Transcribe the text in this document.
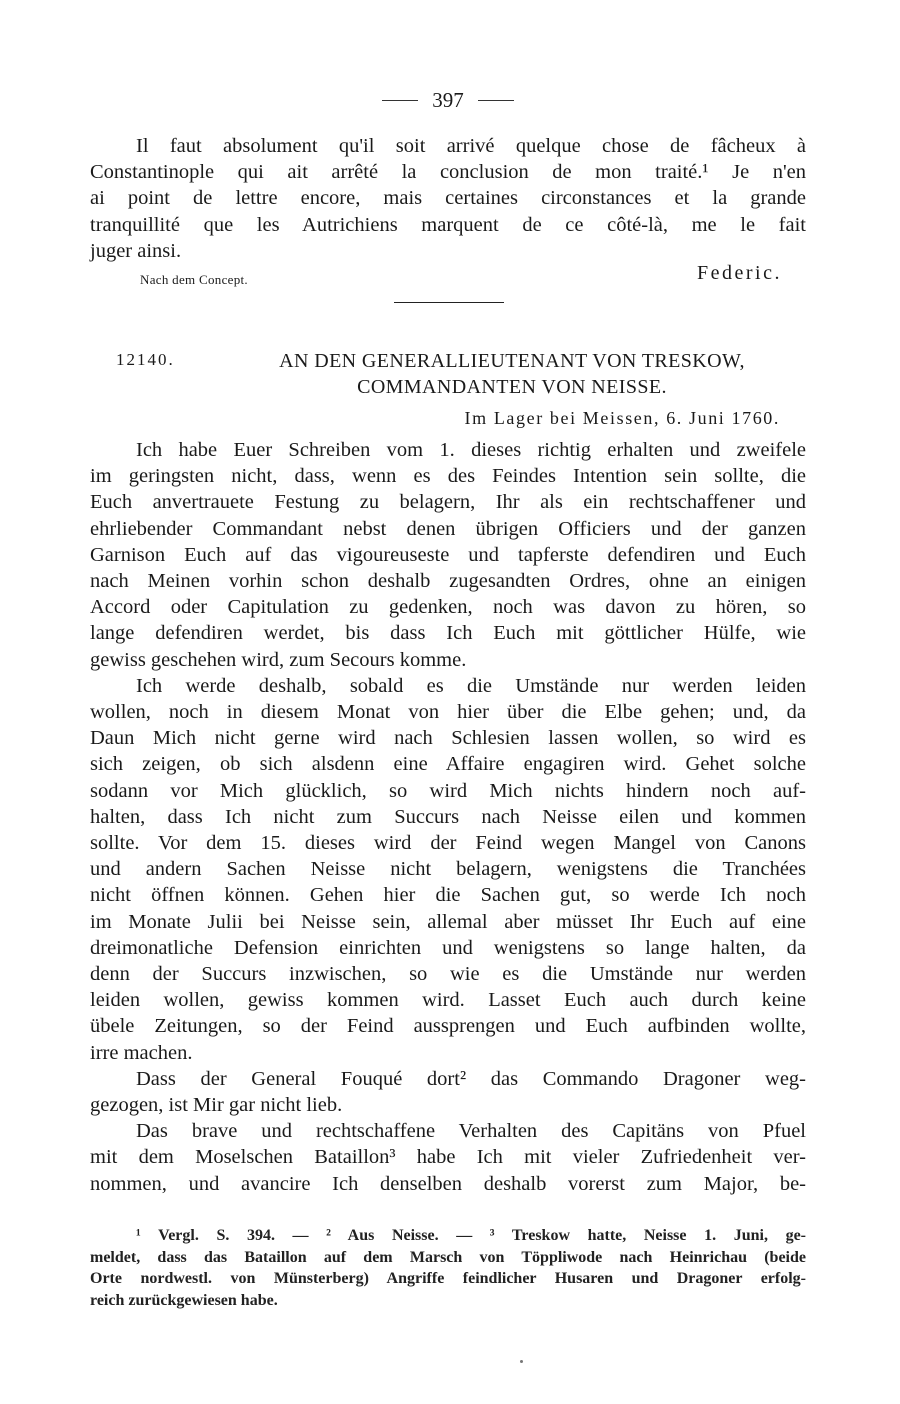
397
Il faut absolument qu'il soit arrivé quelque chose de fâcheux à
Constantinople qui ait arrêté la conclusion de mon traité.¹ Je n'en
ai point de lettre encore, mais certaines circonstances et la grande
tranquillité que les Autrichiens marquent de ce côté-là, me le fait
juger ainsi.
Nach dem Concept.	Federic.
12140.	AN DEN GENERALLIEUTENANT VON TRESKOW,
COMMANDANTEN VON NEISSE.
Im Lager bei Meissen, 6. Juni 1760.
Ich habe Euer Schreiben vom 1. dieses richtig erhalten und zweifele
im geringsten nicht, dass, wenn es des Feindes Intention sein sollte, die
Euch anvertrauete Festung zu belagern, Ihr als ein rechtschaffener und
ehrliebender Commandant nebst denen übrigen Officiers und der ganzen
Garnison Euch auf das vigoureuseste und tapferste defendiren und Euch
nach Meinen vorhin schon deshalb zugesandten Ordres, ohne an einigen
Accord oder Capitulation zu gedenken, noch was davon zu hören, so
lange defendiren werdet, bis dass Ich Euch mit göttlicher Hülfe, wie
gewiss geschehen wird, zum Secours komme.
Ich werde deshalb, sobald es die Umstände nur werden leiden
wollen, noch in diesem Monat von hier über die Elbe gehen; und, da
Daun Mich nicht gerne wird nach Schlesien lassen wollen, so wird es
sich zeigen, ob sich alsdenn eine Affaire engagiren wird. Gehet solche
sodann vor Mich glücklich, so wird Mich nichts hindern noch auf-
halten, dass Ich nicht zum Succurs nach Neisse eilen und kommen
sollte. Vor dem 15. dieses wird der Feind wegen Mangel von Canons
und andern Sachen Neisse nicht belagern, wenigstens die Tranchées
nicht öffnen können. Gehen hier die Sachen gut, so werde Ich noch
im Monate Julii bei Neisse sein, allemal aber müsset Ihr Euch auf eine
dreimonatliche Defension einrichten und wenigstens so lange halten, da
denn der Succurs inzwischen, so wie es die Umstände nur werden
leiden wollen, gewiss kommen wird. Lasset Euch auch durch keine
übele Zeitungen, so der Feind aussprengen und Euch aufbinden wollte,
irre machen.
Dass der General Fouqué dort² das Commando Dragoner weg-
gezogen, ist Mir gar nicht lieb.
Das brave und rechtschaffene Verhalten des Capitäns von Pfuel
mit dem Moselschen Bataillon³ habe Ich mit vieler Zufriedenheit ver-
nommen, und avancire Ich denselben deshalb vorerst zum Major, be-
¹ Vergl. S. 394. — ² Aus Neisse. — ³ Treskow hatte, Neisse 1. Juni, ge-
meldet, dass das Bataillon auf dem Marsch von Töppliwode nach Heinrichau (beide
Orte nordwestl. von Münsterberg) Angriffe feindlicher Husaren und Dragoner erfolg-
reich zurückgewiesen habe.
